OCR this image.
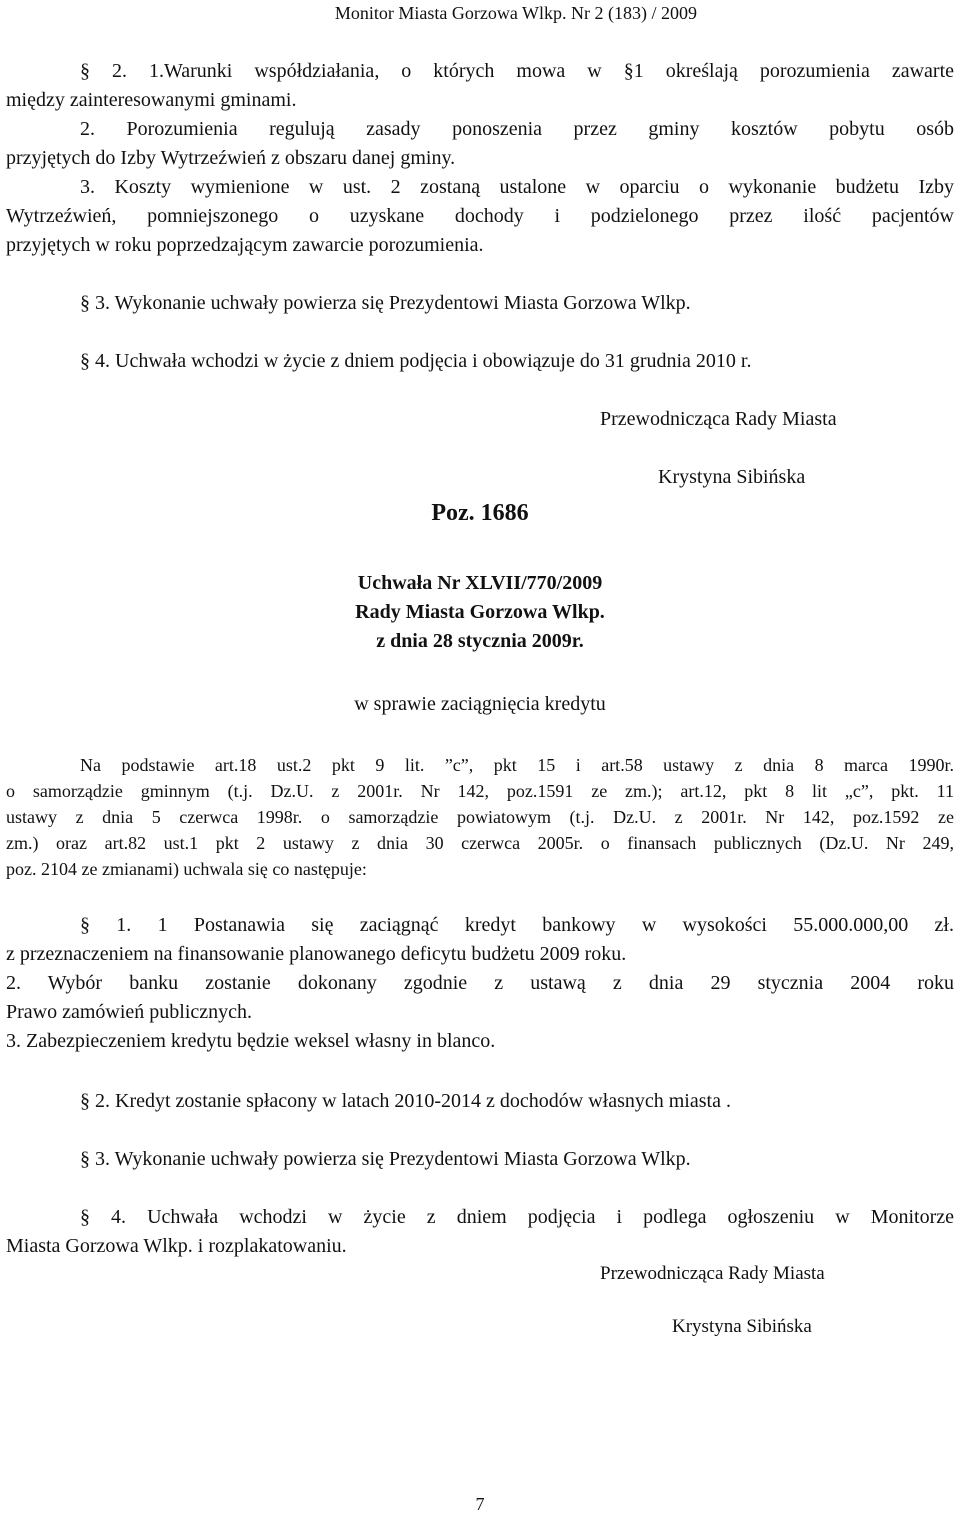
Monitor Miasta Gorzowa Wlkp. Nr 2 (183) / 2009

§ 2. 1.Warunki współdziałania, o których mowa w §1 określają porozumienia zawarte

między zainteresowanymi gminami.

2. Porozumienia regulują zasady ponoszenia przez gminy kosztów pobytu osób

przyjętych do Izby Wytrzeźwień z obszaru danej gminy.

3. Koszty wymienione w ust. 2 zostaną ustalone w oparciu o wykonanie budżetu Izby

Wytrzeźwień, pomniejszonego o uzyskane dochody i podzielonego przez ilość pacjentów

przyjętych w roku poprzedzającym zawarcie porozumienia.

§ 3. Wykonanie uchwały powierza się Prezydentowi Miasta Gorzowa Wlkp.

§ 4. Uchwała wchodzi w życie z dniem podjęcia i obowiązuje do 31 grudnia 2010 r.

Przewodnicząca Rady Miasta

Krystyna Sibińska

Poz. 1686

Uchwała Nr XLVII/770/2009

Rady Miasta Gorzowa Wlkp.

z dnia 28 stycznia 2009r.

w sprawie zaciągnięcia kredytu

Na podstawie art.18 ust.2 pkt 9 lit. ”c”, pkt 15 i art.58 ustawy z dnia 8 marca 1990r.

o samorządzie gminnym (t.j. Dz.U. z 2001r. Nr 142, poz.1591 ze zm.); art.12, pkt 8 lit „c”, pkt. 11

ustawy z dnia 5 czerwca 1998r. o samorządzie powiatowym (t.j. Dz.U. z 2001r. Nr 142, poz.1592 ze

zm.) oraz art.82 ust.1 pkt 2 ustawy z dnia 30 czerwca 2005r. o finansach publicznych (Dz.U. Nr 249,

poz. 2104 ze zmianami) uchwala się co następuje:

§ 1. 1 Postanawia się zaciągnąć kredyt bankowy w wysokości 55.000.000,00 zł.

z przeznaczeniem na finansowanie planowanego deficytu budżetu 2009 roku.

2. Wybór banku zostanie dokonany zgodnie z ustawą z dnia 29 stycznia 2004 roku

Prawo zamówień publicznych.

3. Zabezpieczeniem kredytu będzie weksel własny in blanco.

§ 2. Kredyt zostanie spłacony w latach 2010-2014 z dochodów własnych miasta .

§ 3. Wykonanie uchwały powierza się Prezydentowi Miasta Gorzowa Wlkp.

§ 4. Uchwała wchodzi w życie z dniem podjęcia i podlega ogłoszeniu w Monitorze

Miasta Gorzowa Wlkp. i rozplakatowaniu.

Przewodnicząca Rady Miasta

Krystyna Sibińska

7
